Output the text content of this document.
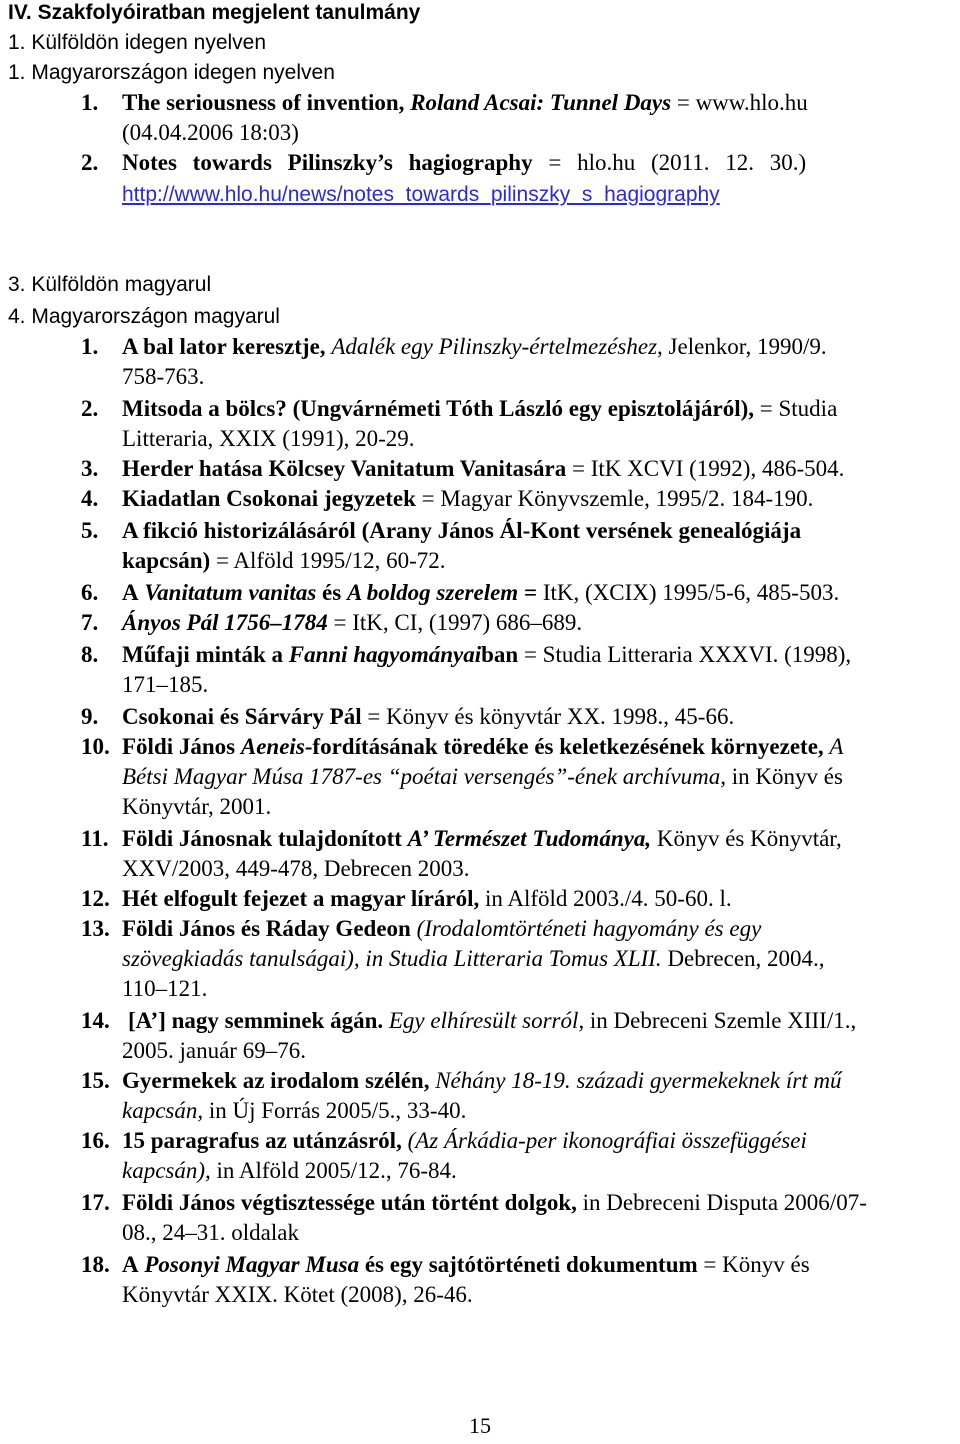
IV. Szakfolyóiratban megjelent tanulmány
1. Külföldön idegen nyelven
1. Magyarországon idegen nyelven
1. The seriousness of invention, Roland Acsai: Tunnel Days = www.hlo.hu
(04.04.2006 18:03)
2. Notes towards Pilinszky’s hagiography = hlo.hu (2011. 12. 30.)
http://www.hlo.hu/news/notes_towards_pilinszky_s_hagiography
3. Külföldön magyarul
4. Magyarországon magyarul
1. A bal lator keresztje, Adalék egy Pilinszky-értelmezéshez, Jelenkor, 1990/9.
758-763.
2. Mitsoda a bölcs? (Ungvárnémeti Tóth László egy episztolájáról), = Studia
Litteraria, XXIX (1991), 20-29.
3. Herder hatása Kölcsey Vanitatum Vanitasára = ItK XCVI (1992), 486-504.
4. Kiadatlan Csokonai jegyzetek = Magyar Könyvszemle, 1995/2. 184-190.
5. A fikció historizálásáról (Arany János Ál-Kont versének genealógiája
kapcsán) = Alföld 1995/12, 60-72.
6. A Vanitatum vanitas és A boldog szerelem = ItK, (XCIX) 1995/5-6, 485-503.
7. Ányos Pál 1756–1784 = ItK, CI, (1997) 686–689.
8. Műfaji minták a Fanni hagyományaiban = Studia Litteraria XXXVI. (1998),
171–185.
9. Csokonai és Sárváry Pál = Könyv és könyvtár XX. 1998., 45-66.
10. Földi János Aeneis-fordításának töredéke és keletkezésének környezete, A
Bétsi Magyar Músa 1787-es “poétai versengés”-ének archívuma, in Könyv és
Könyvtár, 2001.
11. Földi Jánosnak tulajdonított A’ Természet Tudománya, Könyv és Könyvtár,
XXV/2003, 449-478, Debrecen 2003.
12. Hét elfogult fejezet a magyar líráról, in Alföld 2003./4. 50-60. l.
13. Földi János és Ráday Gedeon (Irodalomtörténeti hagyomány és egy
szövegkiadás tanulságai), in Studia Litteraria Tomus XLII. Debrecen, 2004.,
110–121.
14. [A’] nagy semminek ágán. Egy elhíresült sorról, in Debreceni Szemle XIII/1.,
2005. január 69–76.
15. Gyermekek az irodalom szélén, Néhány 18-19. századi gyermekeknek írt mű
kapcsán, in Új Forrás 2005/5., 33-40.
16. 15 paragrafus az utánzásról, (Az Árkádia-per ikonográfiai összefüggései
kapcsán), in Alföld 2005/12., 76-84.
17. Földi János végtisztessége után történt dolgok, in Debreceni Disputa 2006/07-
08., 24–31. oldalak
18. A Posonyi Magyar Musa és egy sajtótörténeti dokumentum = Könyv és
Könyvtár XXIX. Kötet (2008), 26-46.
15
